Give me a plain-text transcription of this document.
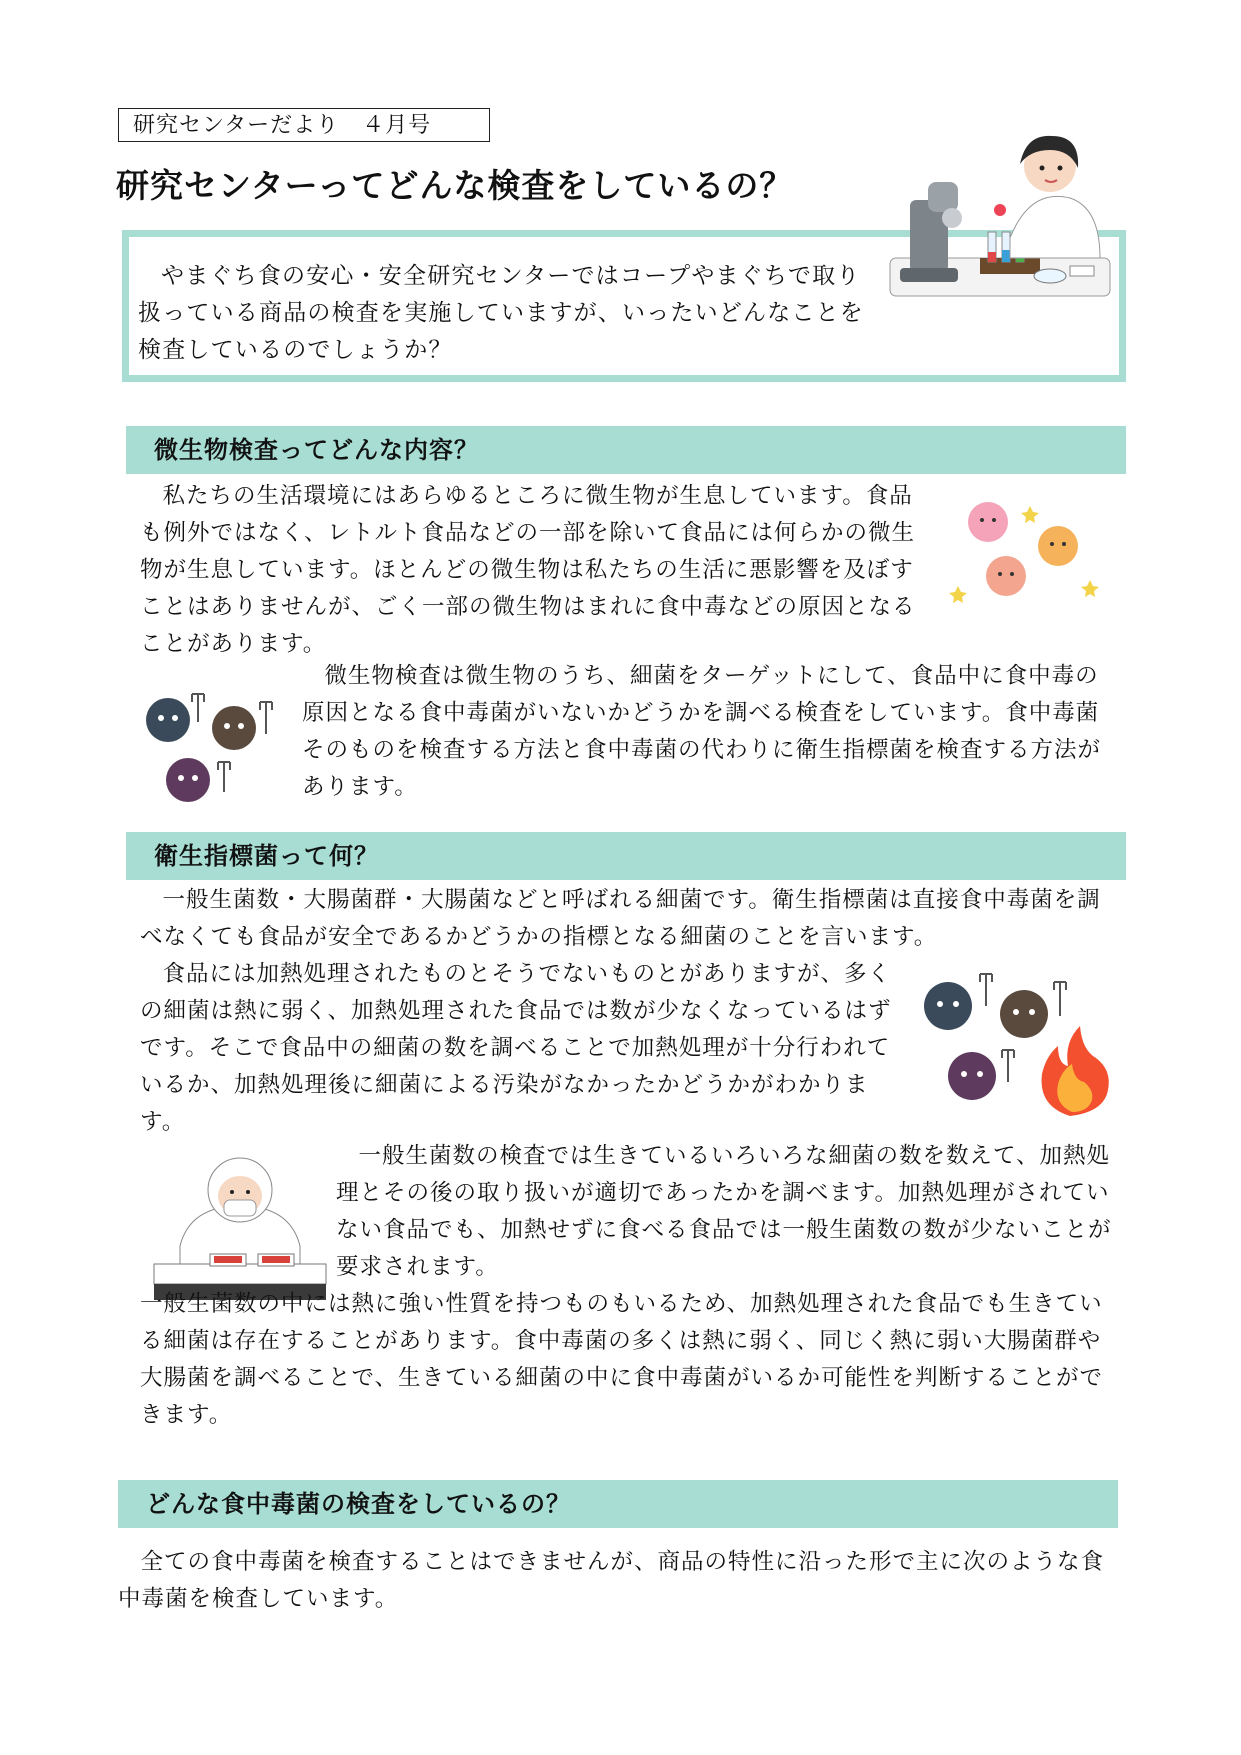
研究センターだより　４月号
研究センターってどんな検査をしているの？
やまぐち食の安心・安全研究センターではコープやまぐちで取り扱っている商品の検査を実施していますが、いったいどんなことを検査しているのでしょうか？
微生物検査ってどんな内容？
私たちの生活環境にはあらゆるところに微生物が生息しています。食品も例外ではなく、レトルト食品などの一部を除いて食品には何らかの微生物が生息しています。ほとんどの微生物は私たちの生活に悪影響を及ぼすことはありませんが、ごく一部の微生物はまれに食中毒などの原因となることがあります。
微生物検査は微生物のうち、細菌をターゲットにして、食品中に食中毒の原因となる食中毒菌がいないかどうかを調べる検査をしています。食中毒菌そのものを検査する方法と食中毒菌の代わりに衛生指標菌を検査する方法があります。
衛生指標菌って何？
一般生菌数・大腸菌群・大腸菌などと呼ばれる細菌です。衛生指標菌は直接食中毒菌を調べなくても食品が安全であるかどうかの指標となる細菌のことを言います。
食品には加熱処理されたものとそうでないものとがありますが、多くの細菌は熱に弱く、加熱処理された食品では数が少なくなっているはずです。そこで食品中の細菌の数を調べることで加熱処理が十分行われているか、加熱処理後に細菌による汚染がなかったかどうかがわかります。
一般生菌数の検査では生きているいろいろな細菌の数を数えて、加熱処理とその後の取り扱いが適切であったかを調べます。加熱処理がされていない食品でも、加熱せずに食べる食品では一般生菌数の数が少ないことが要求されます。
一般生菌数の中には熱に強い性質を持つものもいるため、加熱処理された食品でも生きている細菌は存在することがあります。食中毒菌の多くは熱に弱く、同じく熱に弱い大腸菌群や大腸菌を調べることで、生きている細菌の中に食中毒菌がいるか可能性を判断することができます。
どんな食中毒菌の検査をしているの？
全ての食中毒菌を検査することはできませんが、商品の特性に沿った形で主に次のような食中毒菌を検査しています。
